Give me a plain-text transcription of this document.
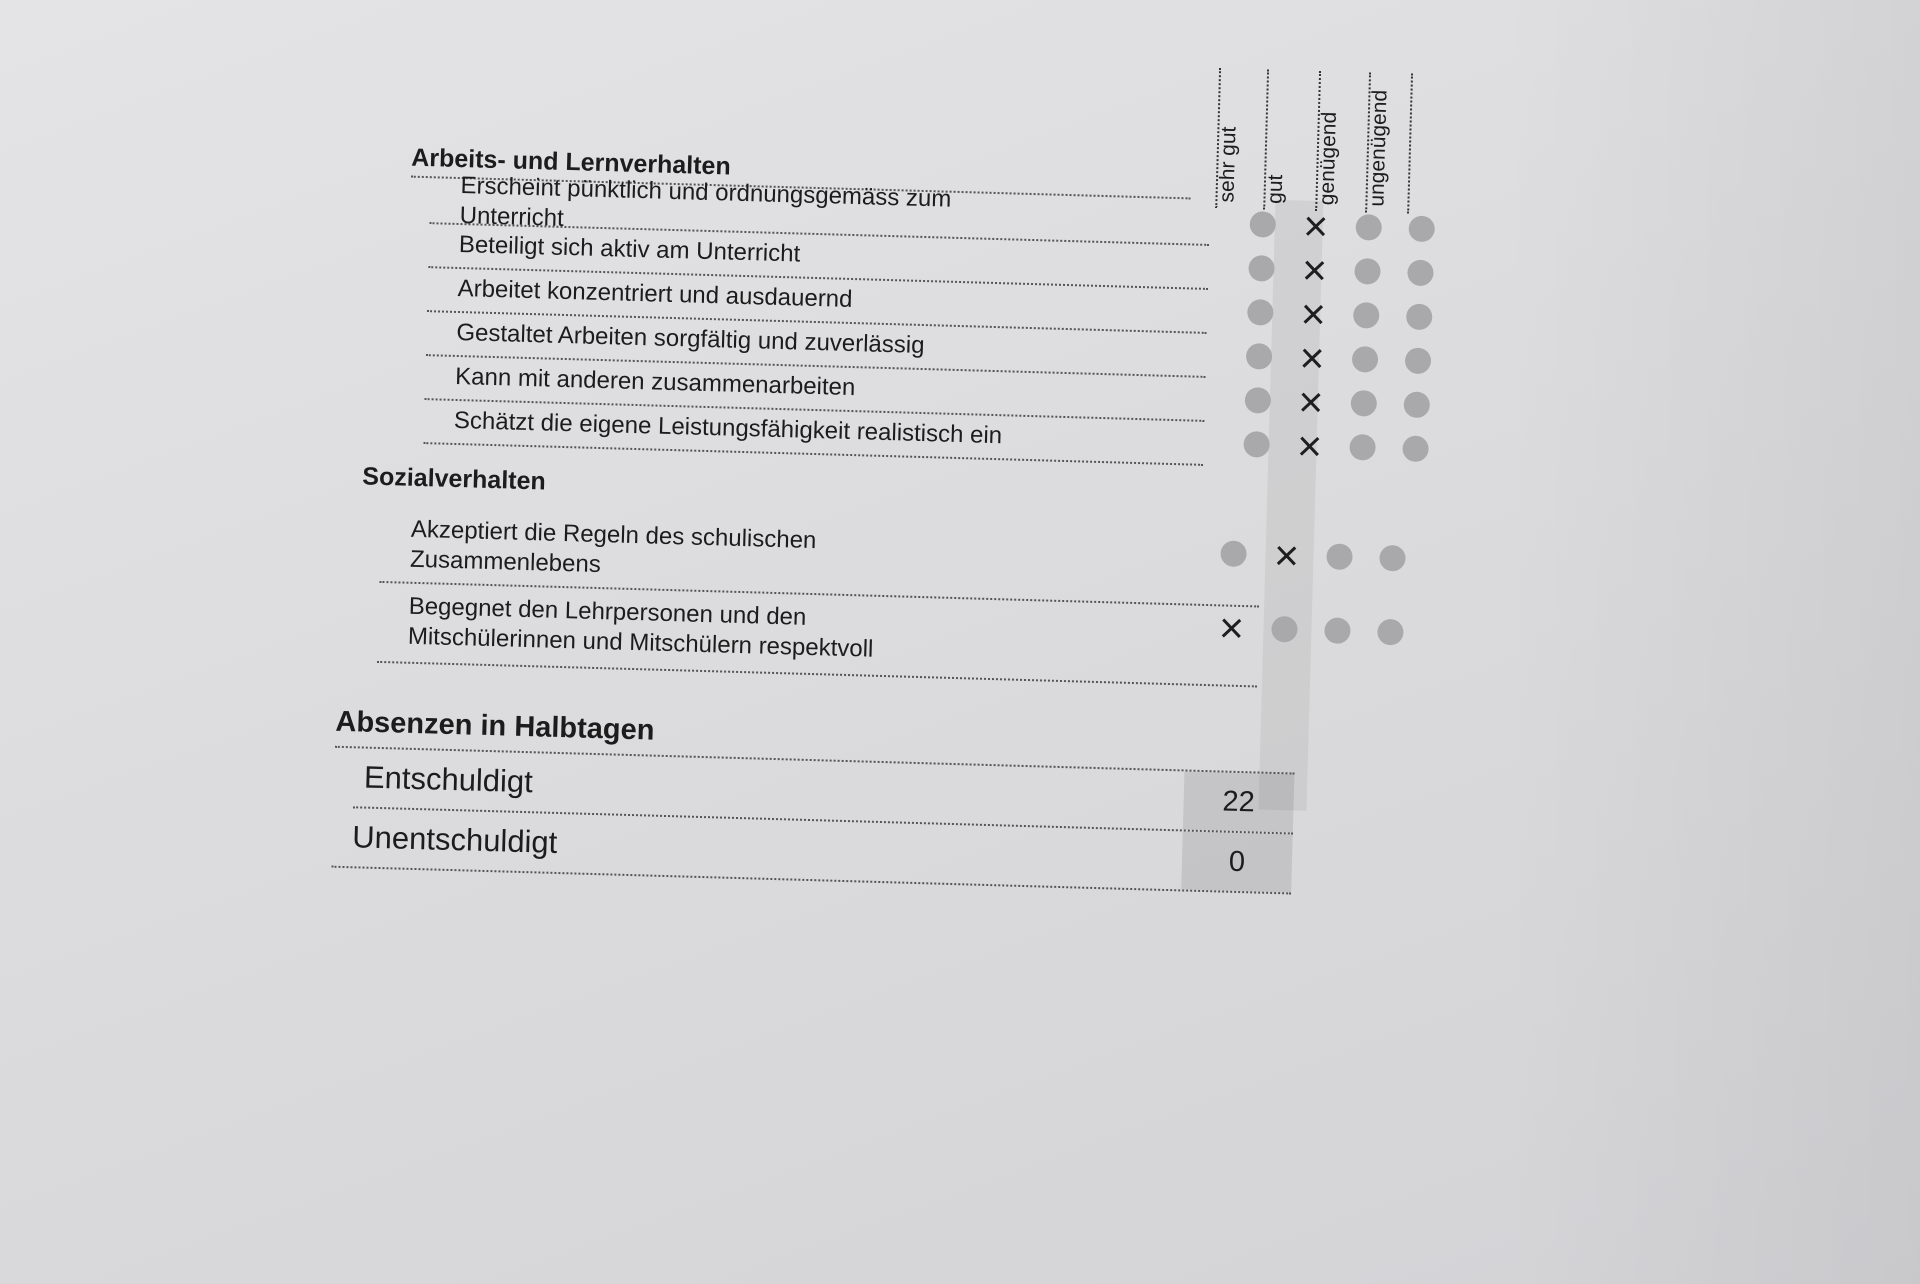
sehr gut gut genügend ungenügend
Arbeits- und Lernverhalten
Erscheint pünktlich und ordnungsgemäss zum Unterricht
Beteiligt sich aktiv am Unterricht
Arbeitet konzentriert und ausdauernd
Gestaltet Arbeiten sorgfältig und zuverlässig
Kann mit anderen zusammenarbeiten
Schätzt die eigene Leistungsfähigkeit realistisch ein
Sozialverhalten
Akzeptiert die Regeln des schulischen Zusammenlebens
Begegnet den Lehrpersonen und den Mitschülerinnen und Mitschülern respektvoll
Absenzen in Halbtagen
Entschuldigt
22
Unentschuldigt
0
